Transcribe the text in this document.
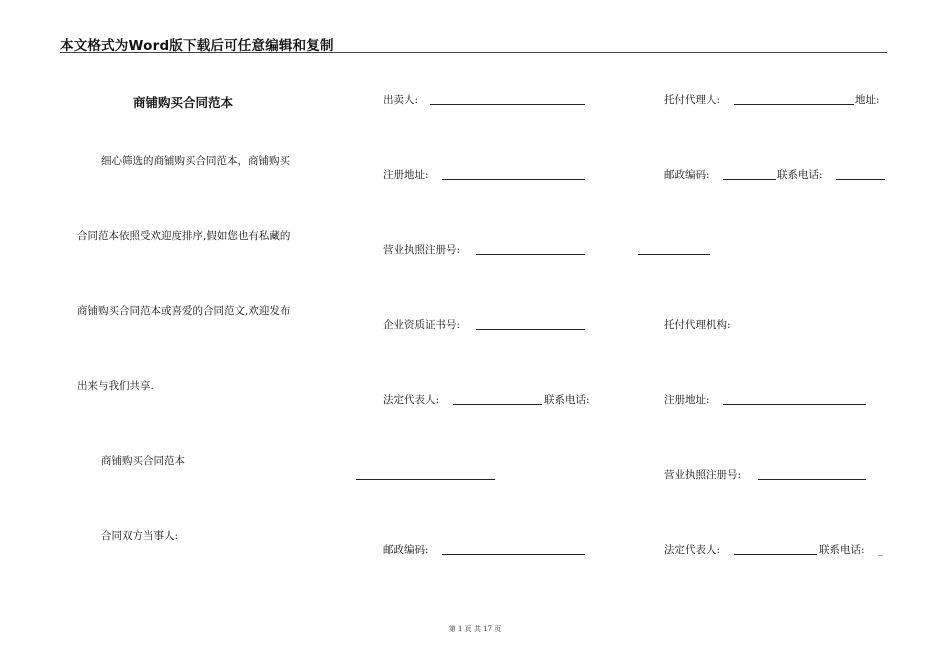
本文格式为Word版下载后可任意编辑和复制
商铺购买合同范本
细心筛选的商铺购买合同范本，商铺购买
合同范本依照受欢迎度排序,假如您也有私藏的
商铺购买合同范本或喜爱的合同范文,欢迎发布
出来与我们共享.
商铺购买合同范本
合同双方当事人:
出卖人:
注册地址:
营业执照注册号:
企业资质证书号:
法定代表人:	联系电话:
邮政编码:
托付代理人:	地址:
邮政编码:	联系电话:
托付代理机构:
注册地址:
营业执照注册号:
法定代表人:	联系电话: _
第 1 页 共 17 页
